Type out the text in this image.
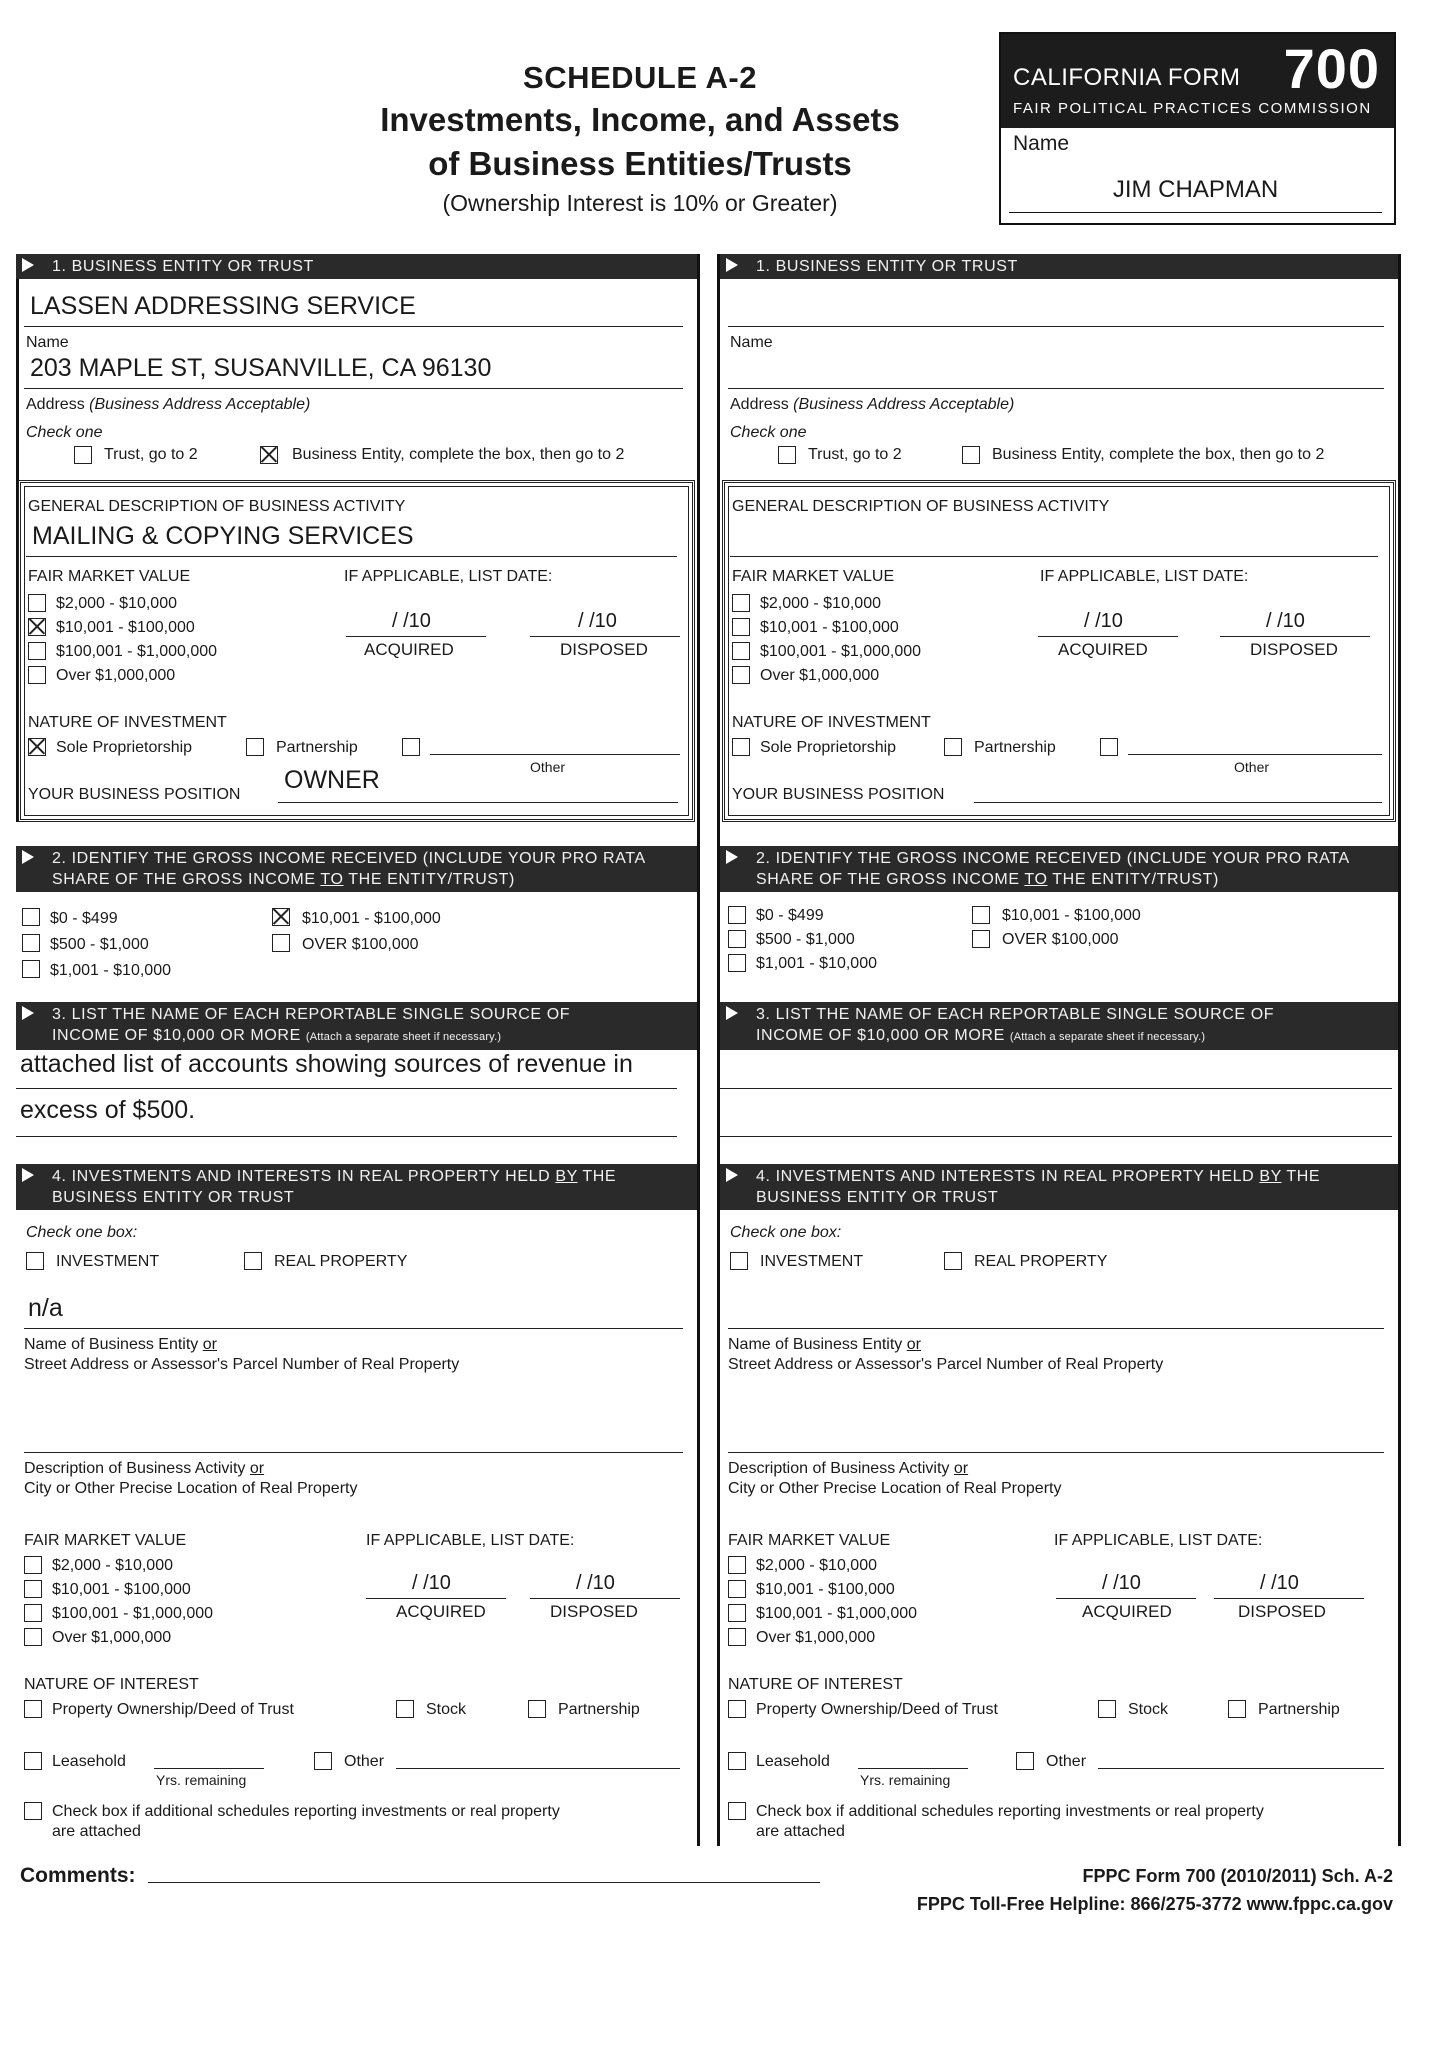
SCHEDULE A-2
Investments, Income, and Assets
of Business Entities/Trusts
(Ownership Interest is 10% or Greater)
CALIFORNIA FORM 700
FAIR POLITICAL PRACTICES COMMISSION
Name
JIM CHAPMAN
1. BUSINESS ENTITY OR TRUST
LASSEN ADDRESSING SERVICE
Name
203 MAPLE ST, SUSANVILLE, CA 96130
Address (Business Address Acceptable)
Check one
Trust, go to 2	Business Entity, complete the box, then go to 2
GENERAL DESCRIPTION OF BUSINESS ACTIVITY
MAILING & COPYING SERVICES
FAIR MARKET VALUE	IF APPLICABLE, LIST DATE:
$2,000 - $10,000
$10,001 - $100,000
$100,001 - $1,000,000
Over $1,000,000
/ /10
ACQUIRED
/ /10
DISPOSED
NATURE OF INVESTMENT
Sole Proprietorship	Partnership
Other
YOUR BUSINESS POSITION
OWNER
2. IDENTIFY THE GROSS INCOME RECEIVED (INCLUDE YOUR PRO RATA
SHARE OF THE GROSS INCOME TO THE ENTITY/TRUST)
$0 - $499
$500 - $1,000
$1,001 - $10,000
$10,001 - $100,000
OVER $100,000
3. LIST THE NAME OF EACH REPORTABLE SINGLE SOURCE OF
INCOME OF $10,000 OR MORE (Attach a separate sheet if necessary.)
attached list of accounts showing sources of revenue in
excess of $500.
4. INVESTMENTS AND INTERESTS IN REAL PROPERTY HELD BY THE
BUSINESS ENTITY OR TRUST
Check one box:
INVESTMENT	REAL PROPERTY
n/a
Name of Business Entity or
Street Address or Assessor's Parcel Number of Real Property
Description of Business Activity or
City or Other Precise Location of Real Property
FAIR MARKET VALUE	IF APPLICABLE, LIST DATE:
$2,000 - $10,000
$10,001 - $100,000
$100,001 - $1,000,000
Over $1,000,000
/ /10
ACQUIRED
/ /10
DISPOSED
NATURE OF INTEREST
Property Ownership/Deed of Trust	Stock	Partnership
Leasehold
Yrs. remaining
Other
Check box if additional schedules reporting investments or real property
are attached
1. BUSINESS ENTITY OR TRUST
Name
Address (Business Address Acceptable)
Check one
Trust, go to 2	Business Entity, complete the box, then go to 2
GENERAL DESCRIPTION OF BUSINESS ACTIVITY
FAIR MARKET VALUE	IF APPLICABLE, LIST DATE:
$2,000 - $10,000
$10,001 - $100,000
$100,001 - $1,000,000
Over $1,000,000
/ /10
ACQUIRED
/ /10
DISPOSED
NATURE OF INVESTMENT
Sole Proprietorship	Partnership
Other
YOUR BUSINESS POSITION
2. IDENTIFY THE GROSS INCOME RECEIVED (INCLUDE YOUR PRO RATA
SHARE OF THE GROSS INCOME TO THE ENTITY/TRUST)
$0 - $499
$500 - $1,000
$1,001 - $10,000
$10,001 - $100,000
OVER $100,000
3. LIST THE NAME OF EACH REPORTABLE SINGLE SOURCE OF
INCOME OF $10,000 OR MORE (Attach a separate sheet if necessary.)
4. INVESTMENTS AND INTERESTS IN REAL PROPERTY HELD BY THE
BUSINESS ENTITY OR TRUST
Check one box:
INVESTMENT	REAL PROPERTY
Name of Business Entity or
Street Address or Assessor's Parcel Number of Real Property
Description of Business Activity or
City or Other Precise Location of Real Property
FAIR MARKET VALUE	IF APPLICABLE, LIST DATE:
$2,000 - $10,000
$10,001 - $100,000
$100,001 - $1,000,000
Over $1,000,000
/ /10
ACQUIRED
/ /10
DISPOSED
NATURE OF INTEREST
Property Ownership/Deed of Trust	Stock	Partnership
Leasehold
Yrs. remaining
Other
Check box if additional schedules reporting investments or real property
are attached
Comments:	FPPC Form 700 (2010/2011) Sch. A-2
FPPC Toll-Free Helpline: 866/275-3772 www.fppc.ca.gov
